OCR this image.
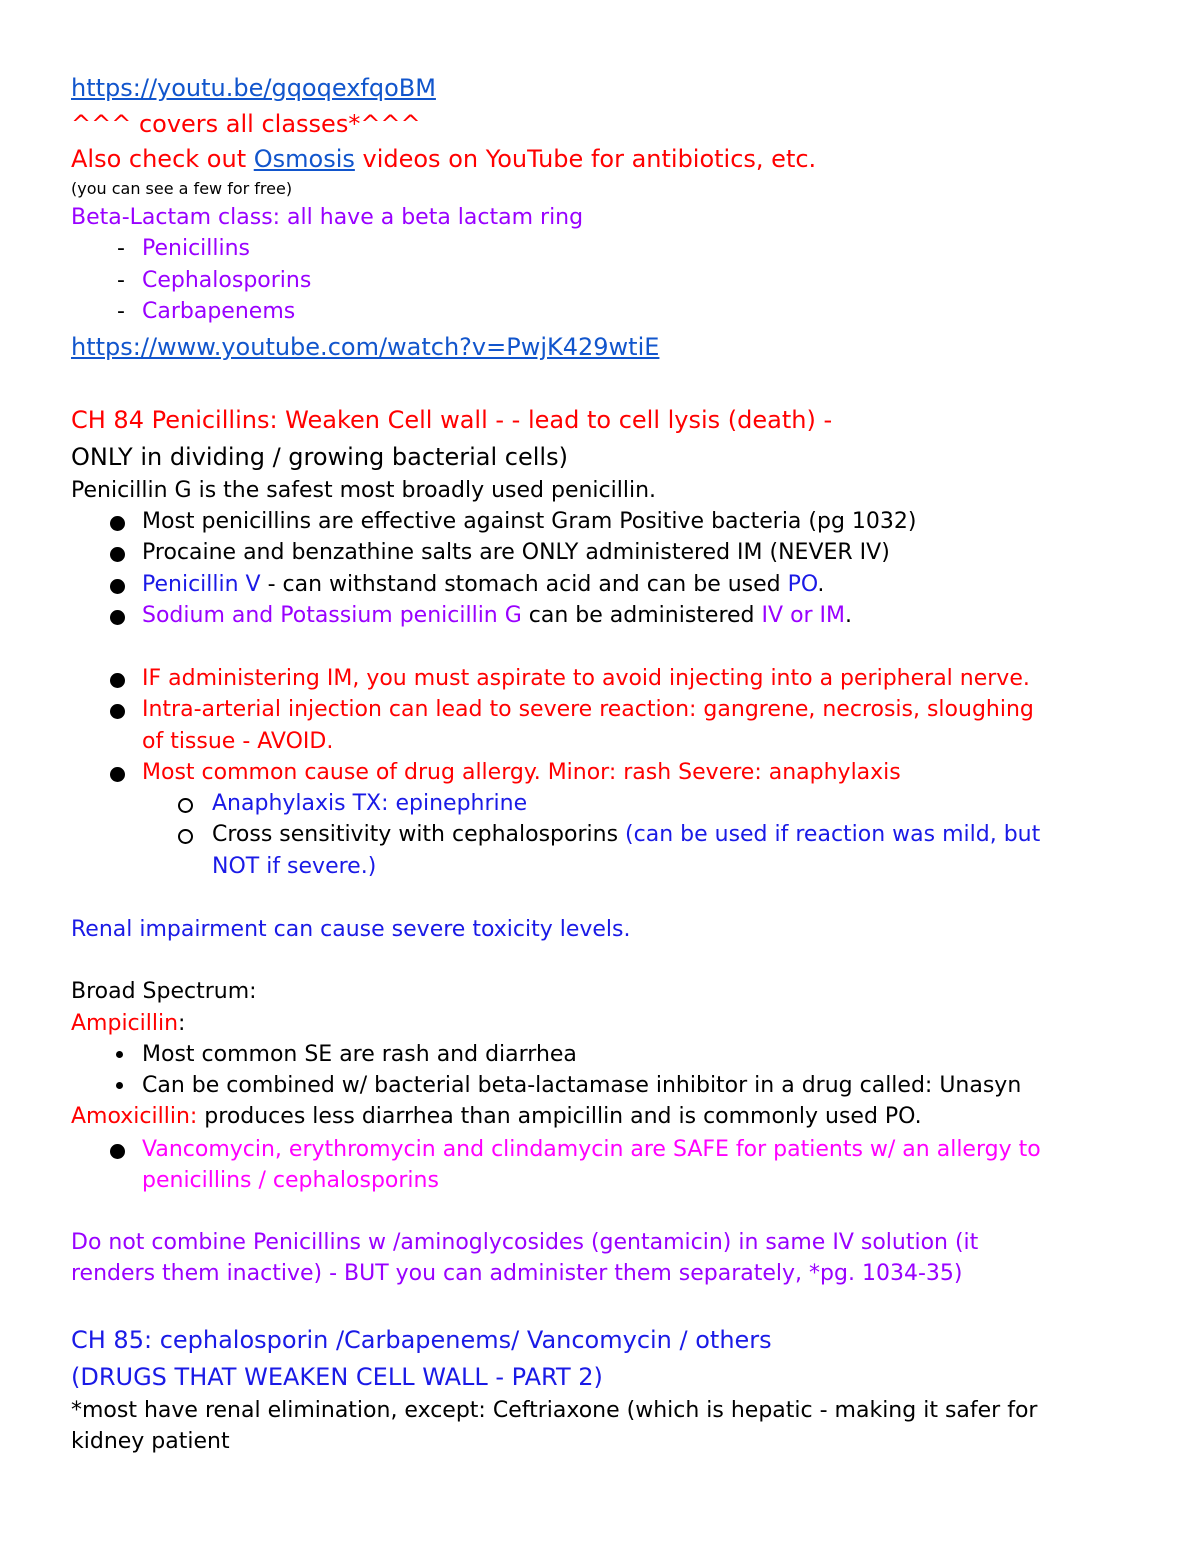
https://youtu.be/gqoqexfqoBM
^^^ covers all classes*^^^
Also check out Osmosis videos on YouTube for antibiotics, etc.
(you can see a few for free)
Beta-Lactam class: all have a beta lactam ring
- Penicillins
- Cephalosporins
- Carbapenems
https://www.youtube.com/watch?v=PwjK429wtiE
CH 84 Penicillins: Weaken Cell wall - - lead to cell lysis (death) -
ONLY in dividing / growing bacterial cells)
Penicillin G is the safest most broadly used penicillin.
Most penicillins are effective against Gram Positive bacteria (pg 1032)
Procaine and benzathine salts are ONLY administered IM (NEVER IV)
Penicillin V - can withstand stomach acid and can be used PO.
Sodium and Potassium penicillin G can be administered IV or IM.
IF administering IM, you must aspirate to avoid injecting into a peripheral nerve.
Intra-arterial injection can lead to severe reaction: gangrene, necrosis, sloughing
of tissue - AVOID.
Most common cause of drug allergy. Minor: rash Severe: anaphylaxis
Anaphylaxis TX: epinephrine
Cross sensitivity with cephalosporins (can be used if reaction was mild, but
NOT if severe.)
Renal impairment can cause severe toxicity levels.
Broad Spectrum:
Ampicillin:
Most common SE are rash and diarrhea
Can be combined w/ bacterial beta-lactamase inhibitor in a drug called: Unasyn
Amoxicillin: produces less diarrhea than ampicillin and is commonly used PO.
Vancomycin, erythromycin and clindamycin are SAFE for patients w/ an allergy to
penicillins / cephalosporins
Do not combine Penicillins w /aminoglycosides (gentamicin) in same IV solution (it
renders them inactive) - BUT you can administer them separately, *pg. 1034-35)
CH 85: cephalosporin /Carbapenems/ Vancomycin / others
(DRUGS THAT WEAKEN CELL WALL - PART 2)
*most have renal elimination, except: Ceftriaxone (which is hepatic - making it safer for
kidney patient
